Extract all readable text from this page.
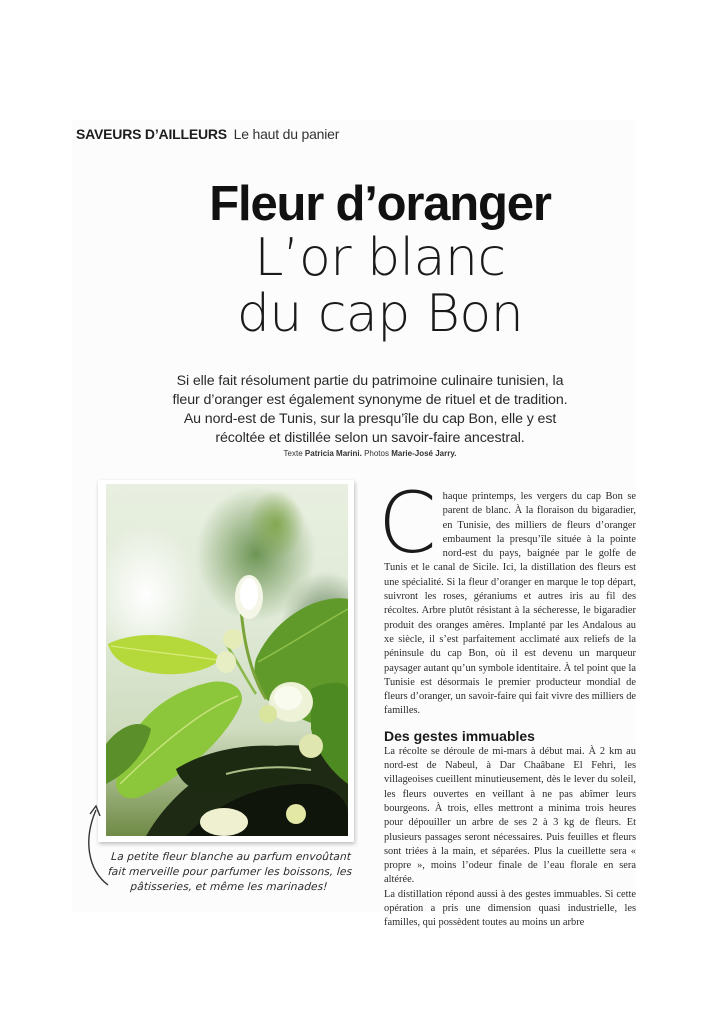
SAVEURS D’AILLEURS Le haut du panier
Fleur d’oranger
L’or blanc
du cap Bon
Si elle fait résolument partie du patrimoine culinaire tunisien, la fleur d’oranger est également synonyme de rituel et de tradition. Au nord-est de Tunis, sur la presqu’île du cap Bon, elle y est récoltée et distillée selon un savoir-faire ancestral.
Texte Patricia Marini. Photos Marie-José Jarry.
La petite fleur blanche au parfum envoûtant fait merveille pour parfumer les boissons, les pâtisseries, et même les marinades!
C haque printemps, les vergers du cap Bon se parent de blanc. À la floraison du bigaradier, en Tunisie, des milliers de fleurs d’oranger embaument la presqu’île située à la pointe nord-est du pays, baignée par le golfe de Tunis et le canal de Sicile. Ici, la distillation des fleurs est une spécialité. Si la fleur d’oranger en marque le top départ, suivront les roses, géraniums et autres iris au fil des récoltes. Arbre plutôt résistant à la sécheresse, le bigaradier produit des oranges amères. Implanté par les Andalous au xe siècle, il s’est parfaitement acclimaté aux reliefs de la péninsule du cap Bon, où il est devenu un marqueur paysager autant qu’un symbole identitaire. À tel point que la Tunisie est désormais le premier producteur mondial de fleurs d’oranger, un savoir-faire qui fait vivre des milliers de familles.

Des gestes immuables

La récolte se déroule de mi-mars à début mai. À 2 km au nord-est de Nabeul, à Dar Chaâbane El Fehri, les villageoises cueillent minutieusement, dès le lever du soleil, les fleurs ouvertes en veillant à ne pas abîmer leurs bourgeons. À trois, elles mettront a minima trois heures pour dépouiller un arbre de ses 2 à 3 kg de fleurs. Et plusieurs passages seront nécessaires. Puis feuilles et fleurs sont triées à la main, et séparées. Plus la cueillette sera « propre », moins l’odeur finale de l’eau florale en sera altérée.

La distillation répond aussi à des gestes immuables. Si cette opération a pris une dimension quasi industrielle, les familles, qui possèdent toutes au moins un arbre
